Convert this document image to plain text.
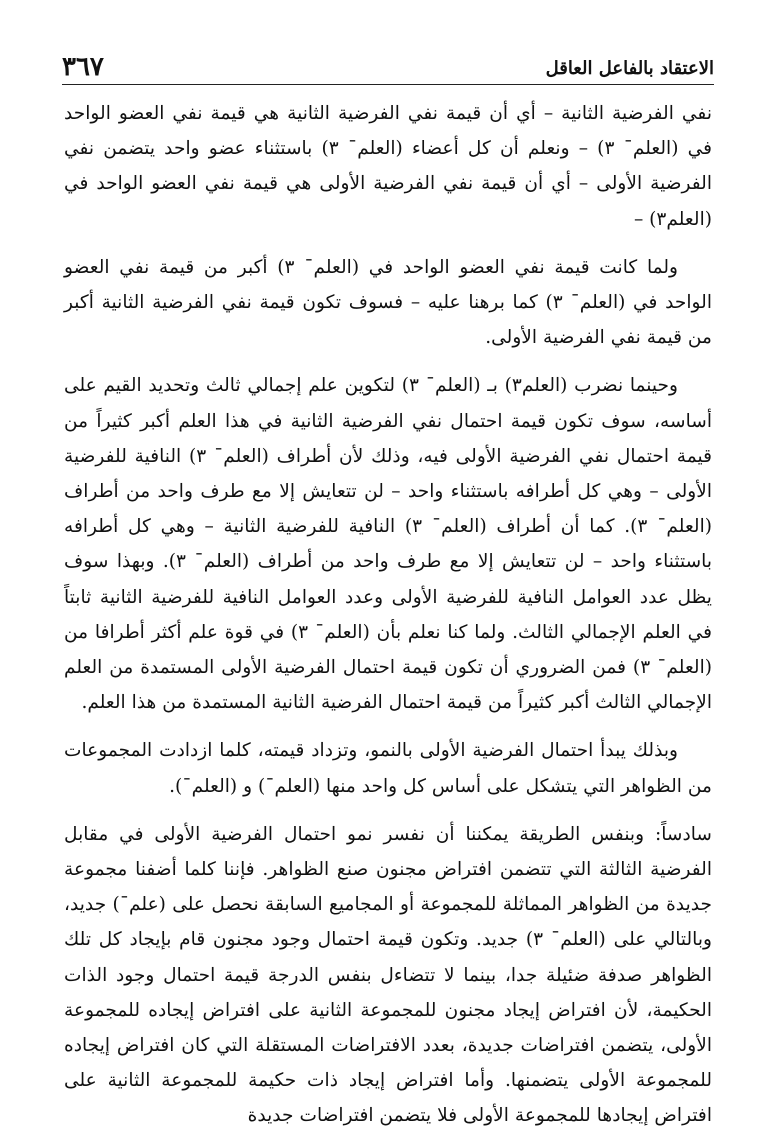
الاعتقاد بالفاعل العاقل
٣٦٧

نفي الفرضية الثانية – أي أن قيمة نفي الفرضية الثانية هي قيمة نفي العضو الواحد في (العلم¯ ٣) – ونعلم أن كل أعضاء (العلم¯ ٣) باستثناء عضو واحد يتضمن نفي الفرضية الأولى – أي أن قيمة نفي الفرضية الأولى هي قيمة نفي العضو الواحد في (العلم٣) –

ولما كانت قيمة نفي العضو الواحد في (العلم¯ ٣) أكبر من قيمة نفي العضو الواحد في (العلم¯ ٣) كما برهنا عليه – فسوف تكون قيمة نفي الفرضية الثانية أكبر من قيمة نفي الفرضية الأولى.

وحينما نضرب (العلم٣) بـ (العلم¯ ٣) لتكوين علم إجمالي ثالث وتحديد القيم على أساسه، سوف تكون قيمة احتمال نفي الفرضية الثانية في هذا العلم أكبر كثيراً من قيمة احتمال نفي الفرضية الأولى فيه، وذلك لأن أطراف (العلم¯ ٣) النافية للفرضية الأولى – وهي كل أطرافه باستثناء واحد – لن تتعايش إلا مع طرف واحد من أطراف (العلم¯ ٣). كما أن أطراف (العلم¯ ٣) النافية للفرضية الثانية – وهي كل أطرافه باستثناء واحد – لن تتعايش إلا مع طرف واحد من أطراف (العلم¯ ٣). وبهذا سوف يظل عدد العوامل النافية للفرضية الأولى وعدد العوامل النافية للفرضية الثانية ثابتاً في العلم الإجمالي الثالث. ولما كنا نعلم بأن (العلم¯ ٣) في قوة علم أكثر أطرافا من (العلم¯ ٣) فمن الضروري أن تكون قيمة احتمال الفرضية الأولى المستمدة من العلم الإجمالي الثالث أكبر كثيراً من قيمة احتمال الفرضية الثانية المستمدة من هذا العلم.

وبذلك يبدأ احتمال الفرضية الأولى بالنمو، وتزداد قيمته، كلما ازدادت المجموعات من الظواهر التي يتشكل على أساس كل واحد منها (العلم¯) و (العلم¯).

سادساً: وبنفس الطريقة يمكننا أن نفسر نمو احتمال الفرضية الأولى في مقابل الفرضية الثالثة التي تتضمن افتراض مجنون صنع الظواهر. فإننا كلما أضفنا مجموعة جديدة من الظواهر المماثلة للمجموعة أو المجاميع السابقة نحصل على (علم¯) جديد، وبالتالي على (العلم¯ ٣) جديد. وتكون قيمة احتمال وجود مجنون قام بإيجاد كل تلك الظواهر صدفة ضئيلة جدا، بينما لا تتضاءل بنفس الدرجة قيمة احتمال وجود الذات الحكيمة، لأن افتراض إيجاد مجنون للمجموعة الثانية على افتراض إيجاده للمجموعة الأولى، يتضمن افتراضات جديدة، بعدد الافتراضات المستقلة التي كان افتراض إيجاده للمجموعة الأولى يتضمنها. وأما افتراض إيجاد ذات حكيمة للمجموعة الثانية على افتراض إيجادها للمجموعة الأولى فلا يتضمن افتراضات جديدة
